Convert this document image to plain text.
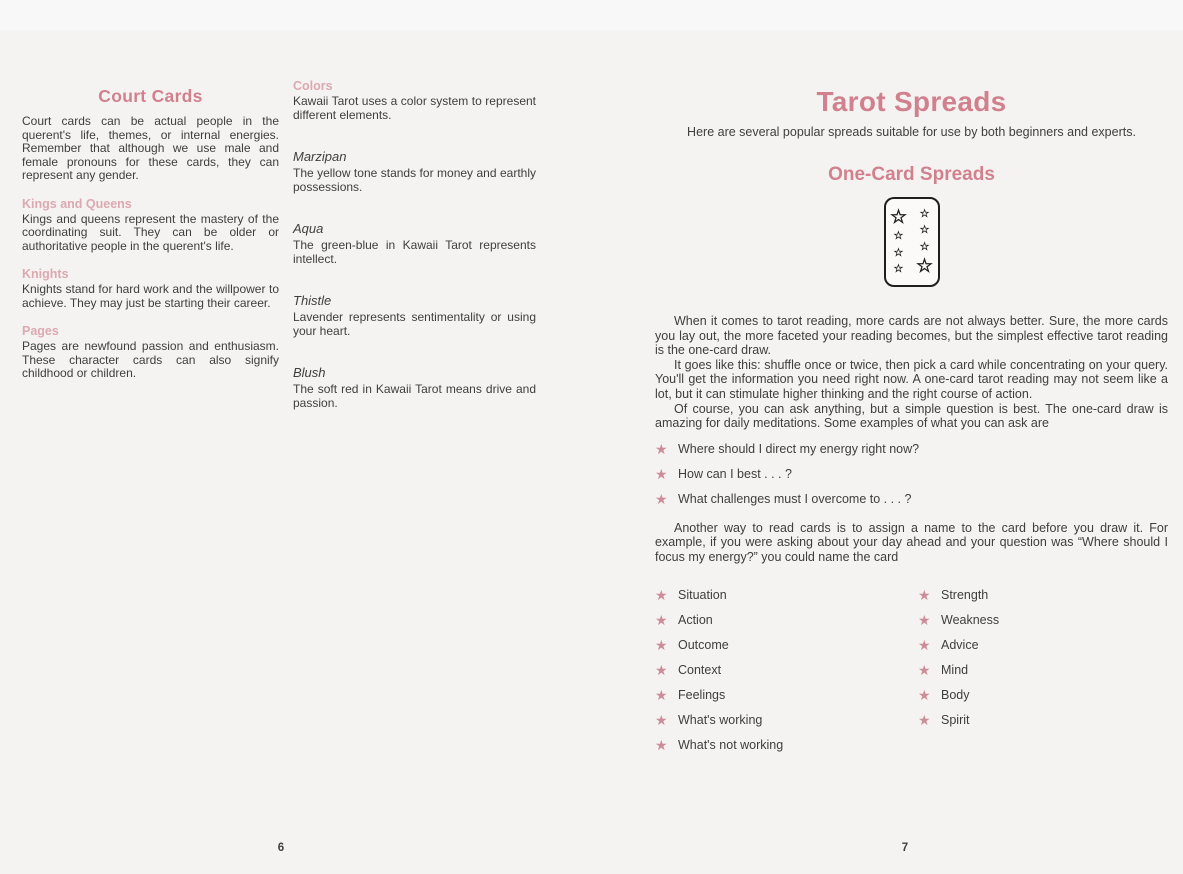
Court Cards

Court cards can be actual people in the querent's life, themes, or internal energies. Remember that although we use male and female pronouns for these cards, they can represent any gender.

Kings and Queens

Kings and queens represent the mastery of the coordinating suit. They can be older or authoritative people in the querent's life.

Knights

Knights stand for hard work and the willpower to achieve. They may just be starting their career.

Pages

Pages are newfound passion and enthusiasm. These character cards can also signify childhood or children.

Colors

Kawaii Tarot uses a color system to represent different elements.

Marzipan

The yellow tone stands for money and earthly possessions.

Aqua

The green-blue in Kawaii Tarot represents intellect.

Thistle

Lavender represents sentimentality or using your heart.

Blush

The soft red in Kawaii Tarot means drive and passion.

Tarot Spreads

Here are several popular spreads suitable for use by both beginners and experts.

One-Card Spreads
☆
☆
☆
☆
☆
☆
☆
☆

When it comes to tarot reading, more cards are not always better. Sure, the more cards you lay out, the more faceted your reading becomes, but the simplest effective tarot reading is the one-card draw.

It goes like this: shuffle once or twice, then pick a card while concentrating on your query. You'll get the information you need right now. A one-card tarot reading may not seem like a lot, but it can stimulate higher thinking and the right course of action.

Of course, you can ask anything, but a simple question is best. The one-card draw is amazing for daily meditations. Some examples of what you can ask are

★ Where should I direct my energy right now?
★ How can I best . . . ?
★ What challenges must I overcome to . . . ?

Another way to read cards is to assign a name to the card before you draw it. For example, if you were asking about your day ahead and your question was “Where should I focus my energy?” you could name the card

★ Situation
★ Action
★ Outcome
★ Context
★ Feelings
★ What's working
★ What's not working
★ Strength
★ Weakness
★ Advice
★ Mind
★ Body
★ Spirit
6	7
